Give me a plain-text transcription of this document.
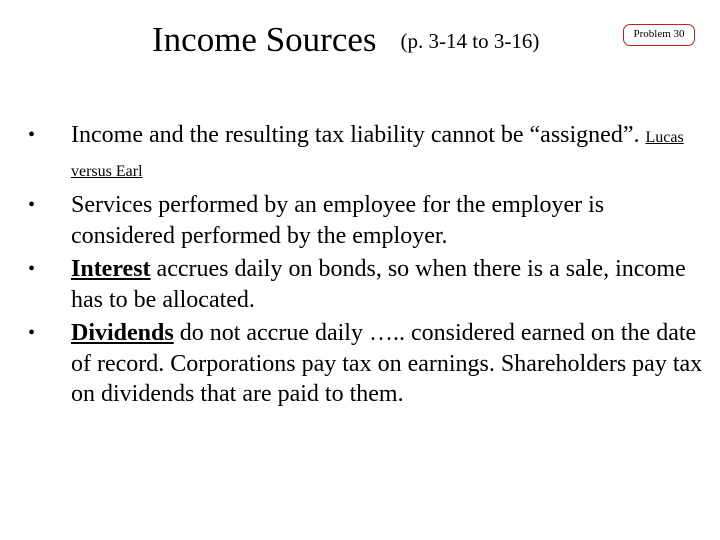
Income Sources (p. 3-14 to 3-16)	Problem 30
•	Income and the resulting tax liability cannot be “assigned”. Lucas versus Earl
•	Services performed by an employee for the employer is considered performed by the employer.
•	Interest accrues daily on bonds, so when there is a sale, income has to be allocated.
•	Dividends do not accrue daily ….. considered earned on the date of record. Corporations pay tax on earnings. Shareholders pay tax on dividends that are paid to them.
